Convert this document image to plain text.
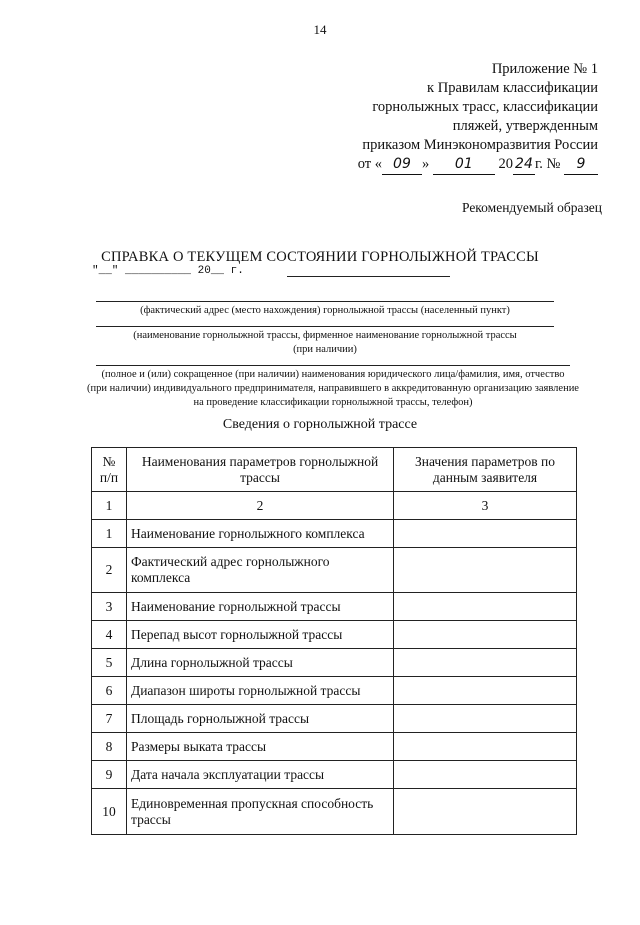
14
Приложение № 1
к Правилам классификации
горнолыжных трасс, классификации
пляжей, утвержденным
приказом Минэкономразвития России
от « 09 » 01 20 24 г. № 9
Рекомендуемый образец
СПРАВКА О ТЕКУЩЕМ СОСТОЯНИИ ГОРНОЛЫЖНОЙ ТРАССЫ
"__" __________ 20__ г.
(фактический адрес (место нахождения) горнолыжной трассы (населенный пункт)
(наименование горнолыжной трассы, фирменное наименование горнолыжной трассы
(при наличии)
(полное и (или) сокращенное (при наличии) наименования юридического лица/фамилия, имя, отчество
(при наличии) индивидуального предпринимателя, направившего в аккредитованную организацию заявление
на проведение классификации горнолыжной трассы, телефон)
Сведения о горнолыжной трассе
№ п/п	Наименования параметров горнолыжной трассы	Значения параметров по данным заявителя
1	2	3
1	Наименование горнолыжного комплекса	
2	Фактический адрес горнолыжного
комплекса	

3	Наименование горнолыжной трассы	
4	Перепад высот горнолыжной трассы	
5	Длина горнолыжной трассы	
6	Диапазон широты горнолыжной трассы	
7	Площадь горнолыжной трассы	
8	Размеры выката трассы	
9	Дата начала эксплуатации трассы	
10	Единовременная пропускная способность
трассы	
